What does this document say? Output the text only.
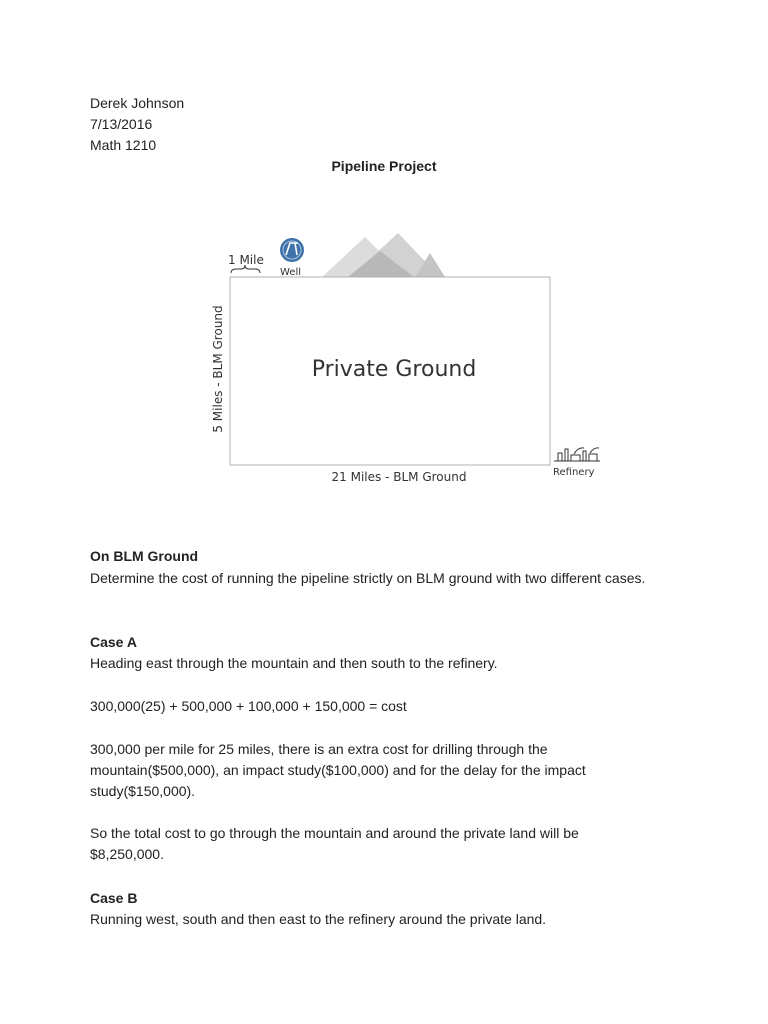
Derek Johnson
7/13/2016
Math 1210
Pipeline Project
1 Mile
Well
Private Ground
5 Miles - BLM Ground
21 Miles - BLM Ground	Refinery
On BLM Ground
Determine the cost of running the pipeline strictly on BLM ground with two different cases.
Case A
Heading east through the mountain and then south to the refinery.
300,000(25) + 500,000 + 100,000 + 150,000 = cost
300,000 per mile for 25 miles, there is an extra cost for drilling through the mountain($500,000), an impact study($100,000) and for the delay for the impact study($150,000).
So the total cost to go through the mountain and around the private land will be $8,250,000.
Case B
Running west, south and then east to the refinery around the private land.
